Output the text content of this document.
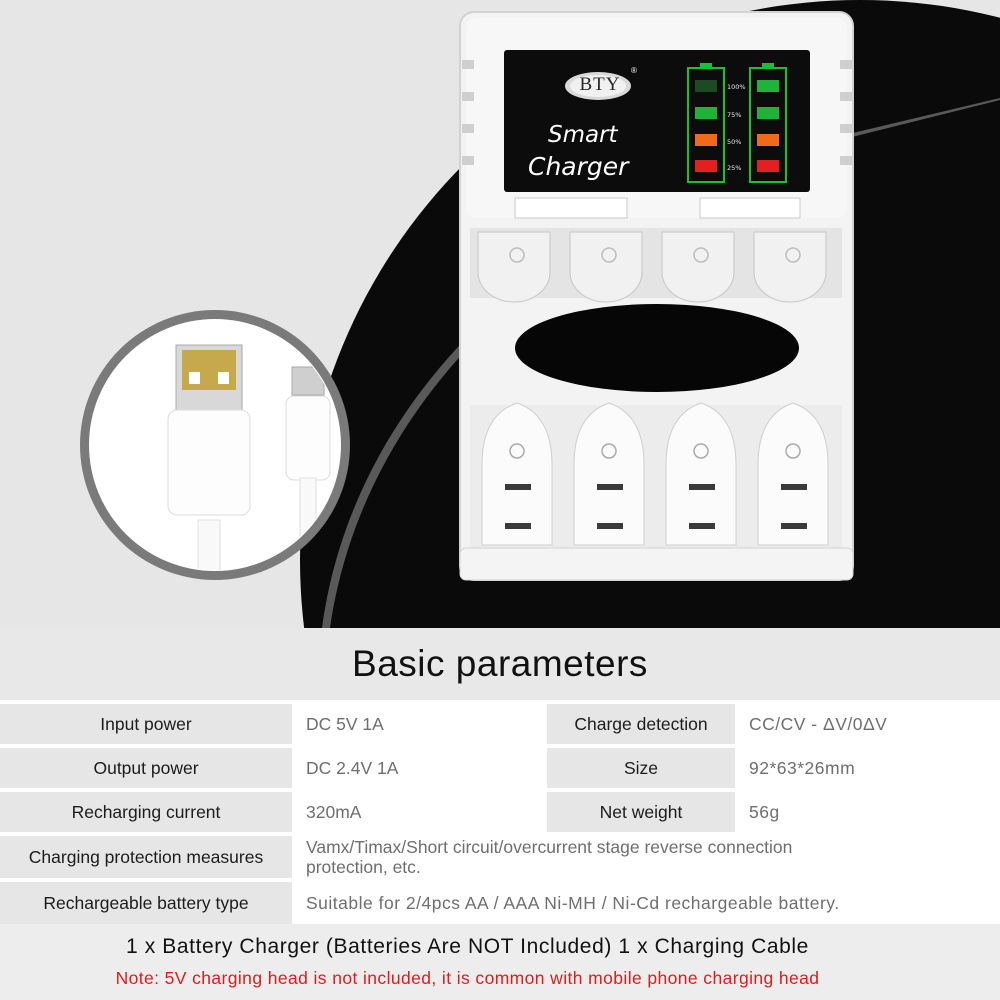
BTY
®
Smart
Charger
100%
75%
50%
25%
Basic parameters
Input power	DC 5V 1A	Charge detection	CC/CV - ΔV/0ΔV
Output power	DC 2.4V 1A	Size	92*63*26mm
Recharging current	320mA	Net weight	56g
Charging protection measures	Vamx/Timax/Short circuit/overcurrent stage reverse connection protection, etc.
Rechargeable battery type	Suitable for 2/4pcs AA / AAA Ni-MH / Ni-Cd rechargeable battery.
1 x Battery Charger (Batteries Are NOT Included) 1 x Charging Cable
Note: 5V charging head is not included, it is common with mobile phone charging head
